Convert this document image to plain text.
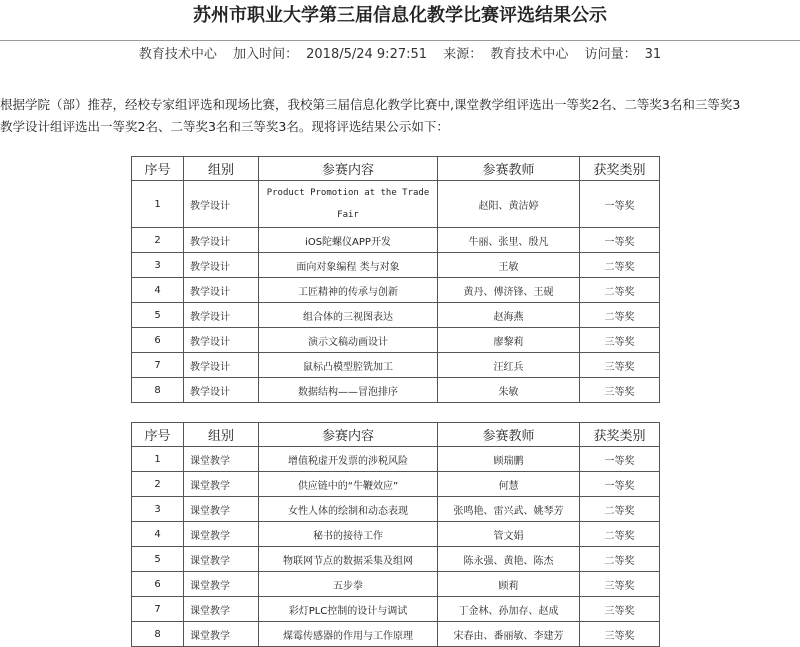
苏州市职业大学第三届信息化教学比赛评选结果公示
教育技术中心 加入时间： 2018/5/24 9:27:51 来源： 教育技术中心 访问量： 31

根据学院（部）推荐，经校专家组评选和现场比赛，我校第三届信息化教学比赛中,课堂教学组评选出一等奖2名、二等奖3名和三等奖3

教学设计组评选出一等奖2名、二等奖3名和三等奖3名。现将评选结果公示如下：

序号	组别	参赛内容	参赛教师	获奖类别
1	教学设计	Product Promotion at the Trade Fair	赵阳、黄洁婷	一等奖
2	教学设计	iOS陀螺仪APP开发	牛丽、张里、殷凡	一等奖
3	教学设计	面向对象编程 类与对象	王敏	二等奖
4	教学设计	工匠精神的传承与创新	黄丹、傅济锋、王砚	二等奖
5	教学设计	组合体的三视图表达	赵海燕	二等奖
6	教学设计	演示文稿动画设计	廖黎莉	三等奖
7	教学设计	鼠标凸模型腔铣加工	汪红兵	三等奖
8	教学设计	数据结构——冒泡排序	朱敏	三等奖
序号	组别	参赛内容	参赛教师	获奖类别
1	课堂教学	增值税虚开发票的涉税风险	顾瑞鹏	一等奖
2	课堂教学	供应链中的“牛鞭效应”	何慧	一等奖
3	课堂教学	女性人体的绘制和动态表现	张鸣艳、雷兴武、姚琴芳	二等奖
4	课堂教学	秘书的接待工作	管文娟	二等奖
5	课堂教学	物联网节点的数据采集及组网	陈永强、黄艳、陈杰	二等奖
6	课堂教学	五步拳	顾莉	三等奖
7	课堂教学	彩灯PLC控制的设计与调试	丁金林、孙加存、赵成	三等奖
8	课堂教学	煤霉传感器的作用与工作原理	宋春由、番丽敏、李建芳	三等奖
